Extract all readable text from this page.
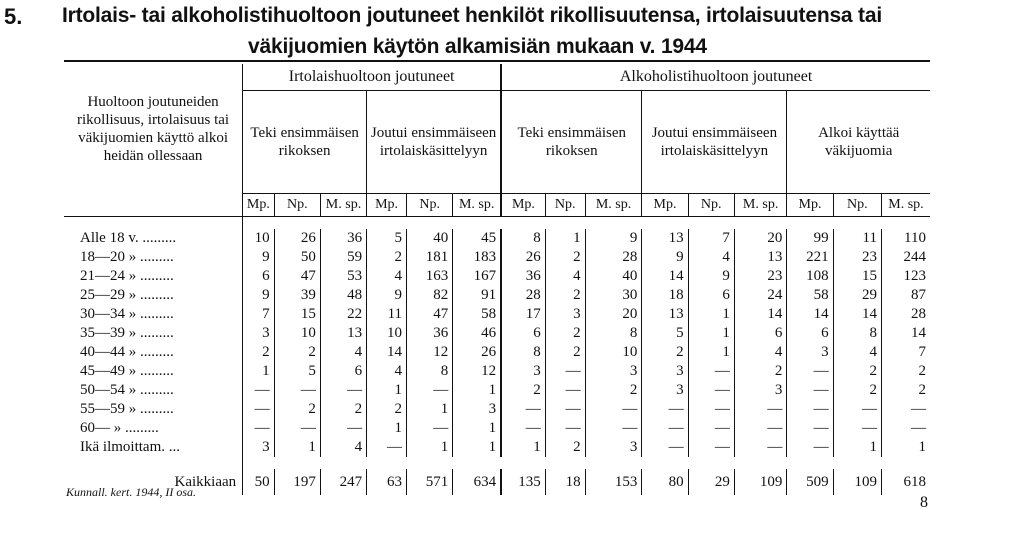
5. Irtolais- tai alkoholistihuoltoon joutuneet henkilöt rikollisuutensa, irtolaisuutensa tai
väkijuomien käytön alkamisiän mukaan v. 1944
Huoltoon joutuneiden rikollisuus, irtolaisuus tai väkijuomien käyttö alkoi heidän ollessaan	Irtolaishuoltoon joutuneet						Alkoholistihuoltoon joutuneet								
	Teki ensimmäisen rikoksen			Joutui ensimmäiseen irtolaiskäsittelyyn			Teki ensimmäisen rikoksen			Joutui ensimmäiseen irtolaiskäsittelyyn			Alkoi käyttää väkijuomia		
	Mp.	Np.	M. sp.	Mp.	Np.	M. sp.	Mp.	Np.	M. sp.	Mp.	Np.	M. sp.	Mp.	Np.	M. sp.

Alle 18 v. .........	10	26	36	5	40	45	8	1	9	13	7	20	99	11	110
18—20 » .........	9	50	59	2	181	183	26	2	28	9	4	13	221	23	244
21—24 » .........	6	47	53	4	163	167	36	4	40	14	9	23	108	15	123
25—29 » .........	9	39	48	9	82	91	28	2	30	18	6	24	58	29	87
30—34 » .........	7	15	22	11	47	58	17	3	20	13	1	14	14	14	28
35—39 » .........	3	10	13	10	36	46	6	2	8	5	1	6	6	8	14
40—44 » .........	2	2	4	14	12	26	8	2	10	2	1	4	3	4	7
45—49 » .........	1	5	6	4	8	12	3	—	3	3	—	2	—	2	2
50—54 » .........	—	—	—	1	—	1	2	—	2	3	—	3	—	2	2
55—59 » .........	—	2	2	2	1	3	—	—	—	—	—	—	—	—	—
60— » .........	—	—	—	1	—	1	—	—	—	—	—	—	—	—	—
Ikä ilmoittam. ...	3	1	4	—	1	1	1	2	3	—	—	—	—	1	1

Kaikkiaan	50	197	247	63	571	634	135	18	153	80	29	109	509	109	618
Kunnall. kert. 1944, II osa.
8
